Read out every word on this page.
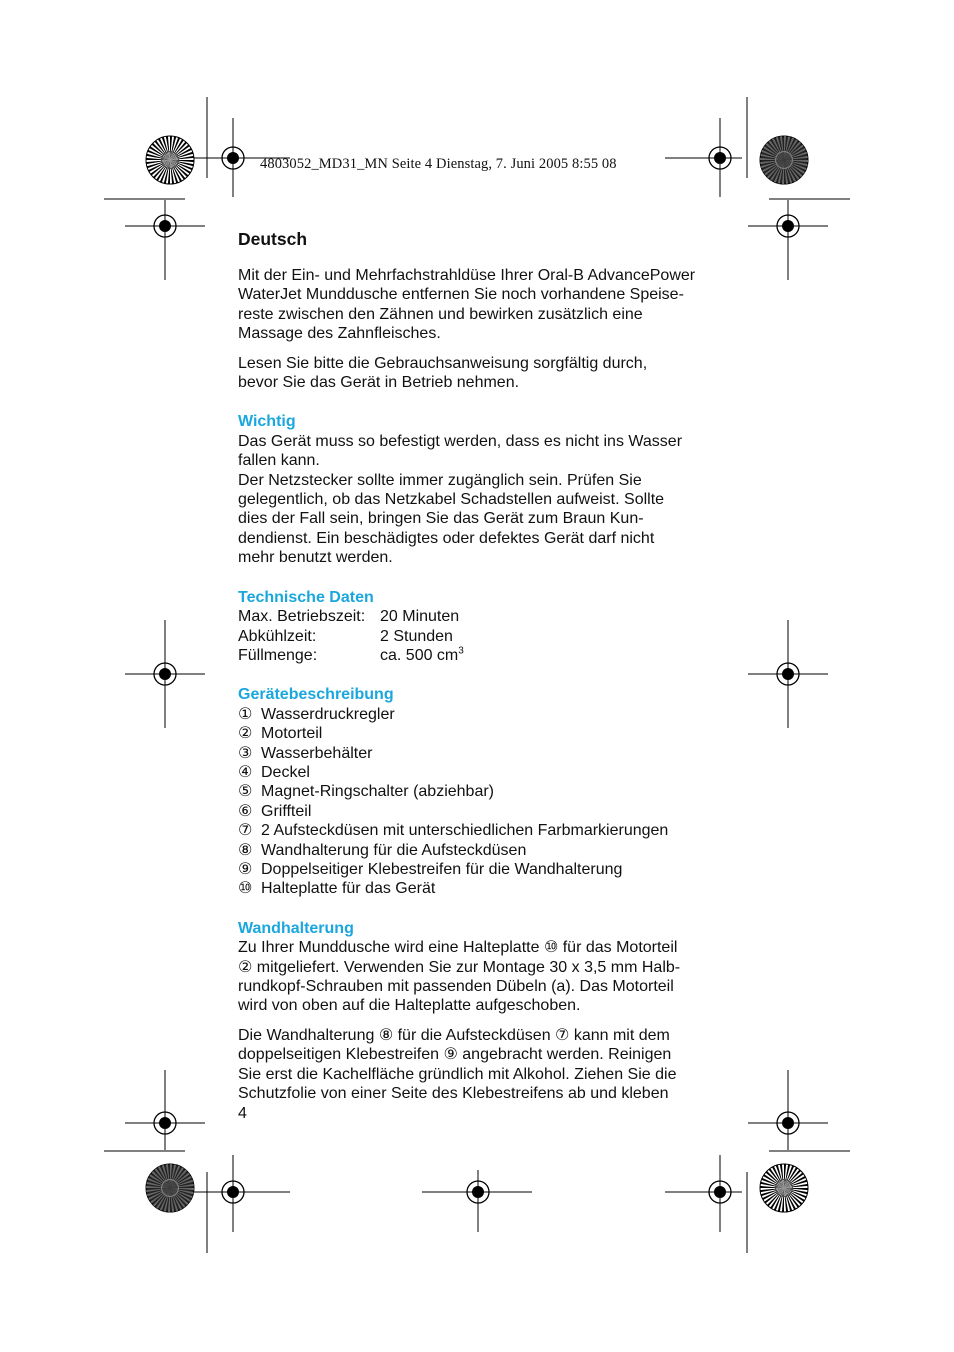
4803052_MD31_MN Seite 4 Dienstag, 7. Juni 2005 8:55 08
Deutsch

Mit der Ein- und Mehrfachstrahldüse Ihrer Oral-B AdvancePower

WaterJet Munddusche entfernen Sie noch vorhandene Speise-

reste zwischen den Zähnen und bewirken zusätzlich eine

Massage des Zahnfleisches.

Lesen Sie bitte die Gebrauchsanweisung sorgfältig durch,

bevor Sie das Gerät in Betrieb nehmen.

Wichtig

Das Gerät muss so befestigt werden, dass es nicht ins Wasser

fallen kann.

Der Netzstecker sollte immer zugänglich sein. Prüfen Sie

gelegentlich, ob das Netzkabel Schadstellen aufweist. Sollte

dies der Fall sein, bringen Sie das Gerät zum Braun Kun-

dendienst. Ein beschädigtes oder defektes Gerät darf nicht

mehr benutzt werden.

Technische Daten

Max. Betriebszeit: 20 Minuten
Abkühlzeit:	2 Stunden
Füllmenge:	ca. 500 $cm^3$

Gerätebeschreibung

① Wasserdruckregler
② Motorteil
③ Wasserbehälter
④ Deckel
⑤ Magnet-Ringschalter (abziehbar)
⑥ Griffteil
⑦ 2 Aufsteckdüsen mit unterschiedlichen Farbmarkierungen
⑧ Wandhalterung für die Aufsteckdüsen
⑨ Doppelseitiger Klebestreifen für die Wandhalterung
⑩ Halteplatte für das Gerät

Wandhalterung

Zu Ihrer Munddusche wird eine Halteplatte ⑩ für das Motorteil

② mitgeliefert. Verwenden Sie zur Montage 30 x 3,5 mm Halb-

rundkopf-Schrauben mit passenden Dübeln (a). Das Motorteil

wird von oben auf die Halteplatte aufgeschoben.

Die Wandhalterung ⑧ für die Aufsteckdüsen ⑦ kann mit dem

doppelseitigen Klebestreifen ⑨ angebracht werden. Reinigen

Sie erst die Kachelfläche gründlich mit Alkohol. Ziehen Sie die

Schutzfolie von einer Seite des Klebestreifens ab und kleben

4
